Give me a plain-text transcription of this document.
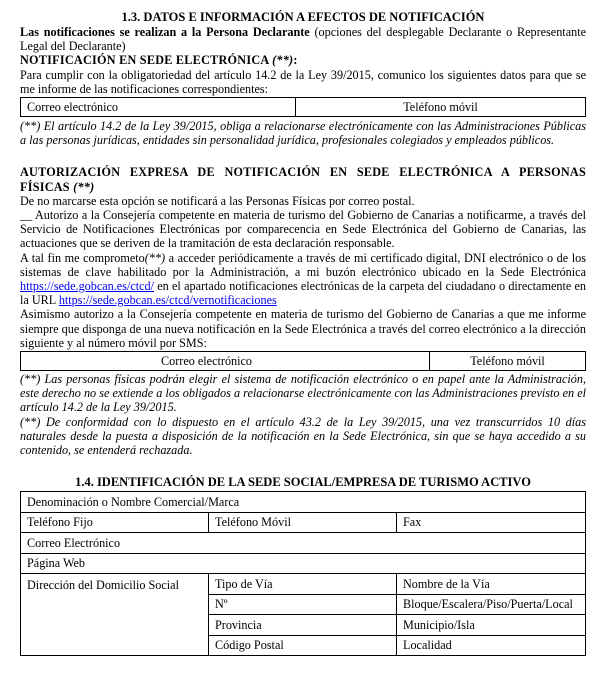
1.3. DATOS E INFORMACIÓN A EFECTOS DE NOTIFICACIÓN
Las notificaciones se realizan a la Persona Declarante (opciones del desplegable Declarante o Representante Legal del Declarante)
NOTIFICACIÓN EN SEDE ELECTRÓNICA (**):
Para cumplir con la obligatoriedad del artículo 14.2 de la Ley 39/2015, comunico los siguientes datos para que se me informe de las notificaciones correspondientes:
Correo electrónico	Teléfono móvil
(**) El artículo 14.2 de la Ley 39/2015, obliga a relacionarse electrónicamente con las Administraciones Públicas a las personas jurídicas, entidades sin personalidad jurídica, profesionales colegiados y empleados públicos.
AUTORIZACIÓN EXPRESA DE NOTIFICACIÓN EN SEDE ELECTRÓNICA A PERSONAS FÍSICAS (**)
De no marcarse esta opción se notificará a las Personas Físicas por correo postal.
__ Autorizo a la Consejería competente en materia de turismo del Gobierno de Canarias a notificarme, a través del Servicio de Notificaciones Electrónicas por comparecencia en Sede Electrónica del Gobierno de Canarias, las actuaciones que se deriven de la tramitación de esta declaración responsable.
A tal fin me comprometo(**) a acceder periódicamente a través de mi certificado digital, DNI electrónico o de los sistemas de clave habilitado por la Administración, a mi buzón electrónico ubicado en la Sede Electrónica https://sede.gobcan.es/ctcd/ en el apartado notificaciones electrónicas de la carpeta del ciudadano o directamente en la URL https://sede.gobcan.es/ctcd/vernotificaciones
Asimismo autorizo a la Consejería competente en materia de turismo del Gobierno de Canarias a que me informe siempre que disponga de una nueva notificación en la Sede Electrónica a través del correo electrónico a la dirección siguiente y al número móvil por SMS:
Correo electrónico	Teléfono móvil
(**) Las personas físicas podrán elegir el sistema de notificación electrónico o en papel ante la Administración, este derecho no se extiende a los obligados a relacionarse electrónicamente con las Administraciones previsto en el artículo 14.2 de la Ley 39/2015.
(**) De conformidad con lo dispuesto en el artículo 43.2 de la Ley 39/2015, una vez transcurridos 10 días naturales desde la puesta a disposición de la notificación en la Sede Electrónica, sin que se haya accedido a su contenido, se entenderá rechazada.
1.4. IDENTIFICACIÓN DE LA SEDE SOCIAL/EMPRESA DE TURISMO ACTIVO
Denominación o Nombre Comercial/Marca		
Teléfono Fijo	Teléfono Móvil	Fax
Correo Electrónico		
Página Web		
Dirección del Domicilio Social	Tipo de Vía	Nombre de la Vía
	Nº	Bloque/Escalera/Piso/Puerta/Local
	Provincia	Municipio/Isla
	Código Postal	Localidad
